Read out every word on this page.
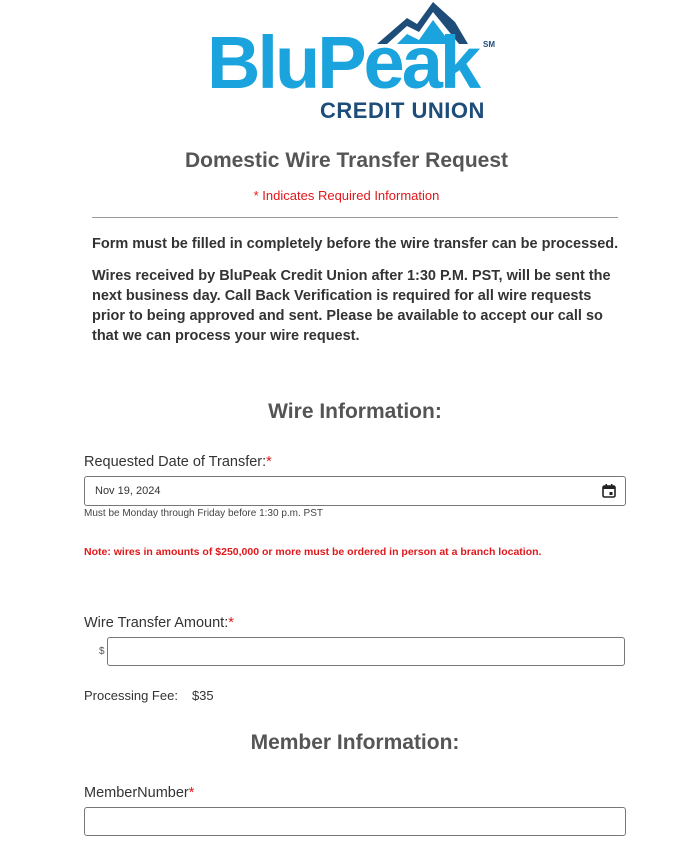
BluPeak SM
CREDIT UNION
Domestic Wire Transfer Request
* Indicates Required Information
Form must be filled in completely before the wire transfer can be processed.
Wires received by BluPeak Credit Union after 1:30 P.M. PST, will be sent the next business day. Call Back Verification is required for all wire requests prior to being approved and sent. Please be available to accept our call so that we can process your wire request.
Wire Information:
Requested Date of Transfer:*
Nov 19, 2024
Must be Monday through Friday before 1:30 p.m. PST
Note: wires in amounts of $250,000 or more must be ordered in person at a branch location.
Wire Transfer Amount:*
$
Processing Fee: $35
Member Information:
MemberNumber*
